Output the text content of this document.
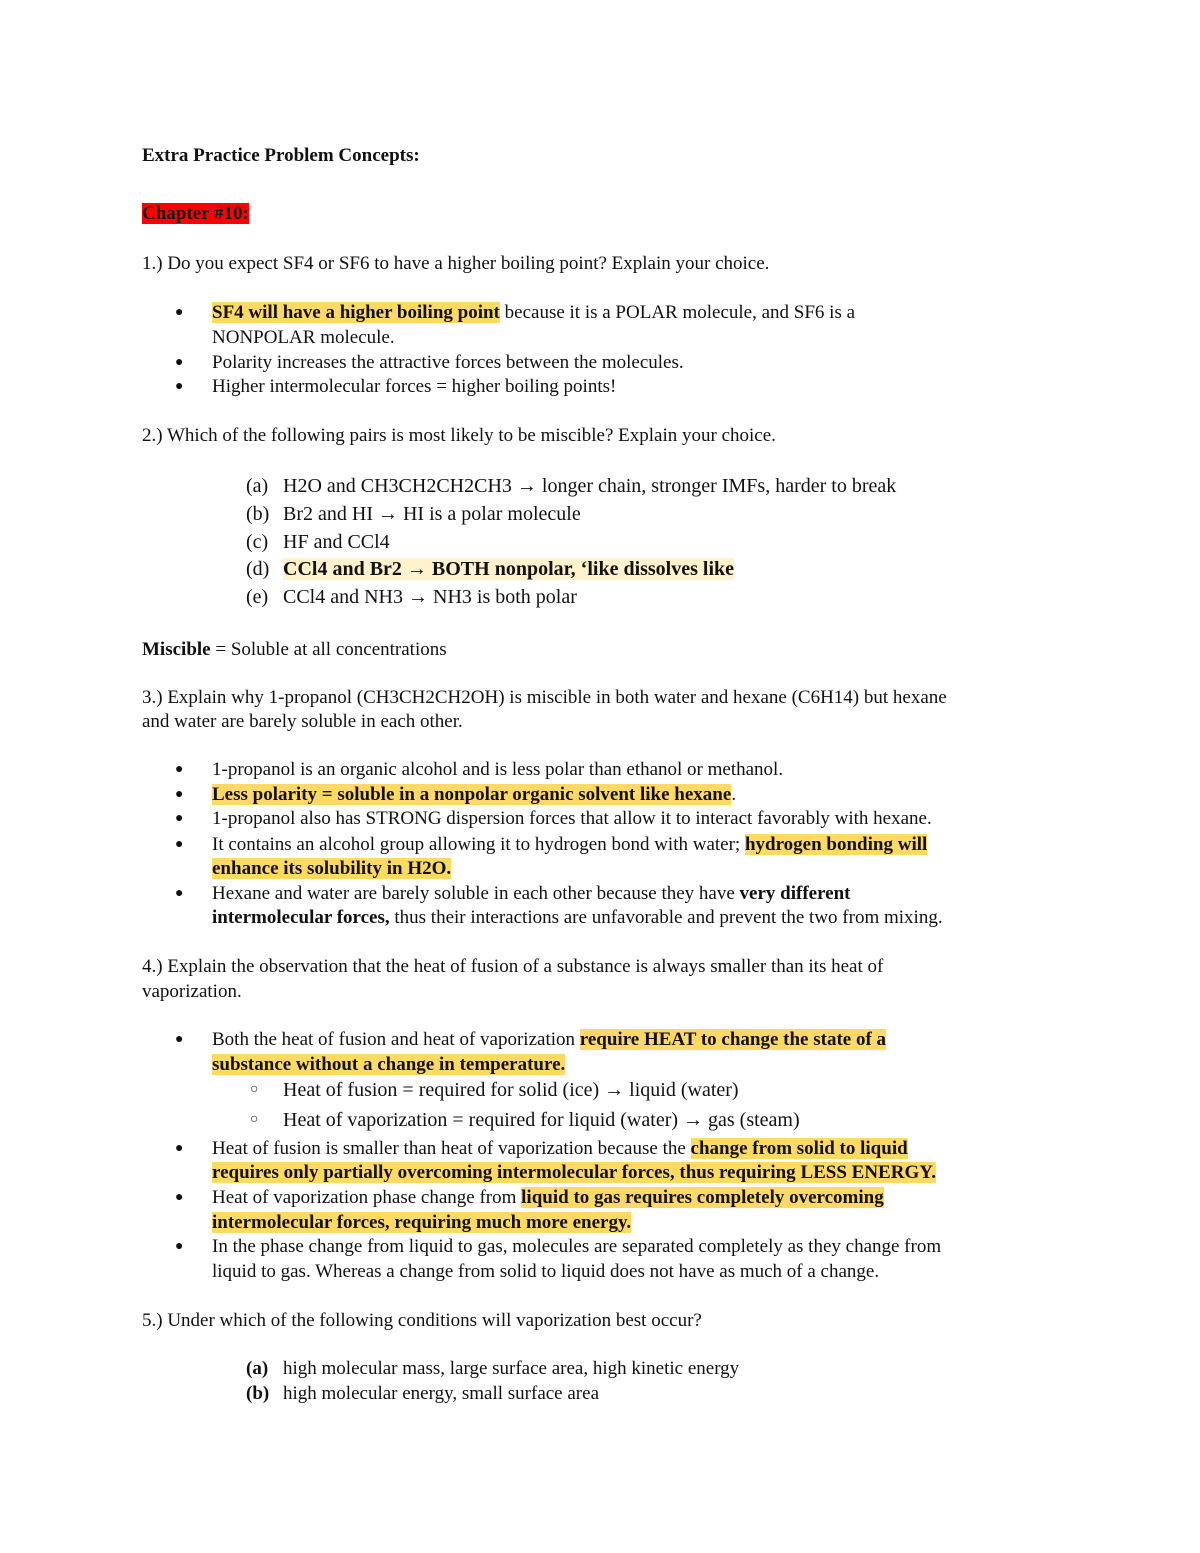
Extra Practice Problem Concepts:

Chapter #10:

1.) Do you expect SF4 or SF6 to have a higher boiling point? Explain your choice.

● SF4 will have a higher boiling point because it is a POLAR molecule, and SF6 is a
NONPOLAR molecule.
● Polarity increases the attractive forces between the molecules.
● Higher intermolecular forces = higher boiling points!

2.) Which of the following pairs is most likely to be miscible? Explain your choice.

(a) H2O and CH3CH2CH2CH3 → longer chain, stronger IMFs, harder to break
(b) Br2 and HI → HI is a polar molecule
(c) HF and CCl4
(d) CCl4 and Br2 → BOTH nonpolar, ‘like dissolves like
(e) CCl4 and NH3 → NH3 is both polar

Miscible = Soluble at all concentrations

3.) Explain why 1-propanol (CH3CH2CH2OH) is miscible in both water and hexane (C6H14) but hexane

and water are barely soluble in each other.

● 1-propanol is an organic alcohol and is less polar than ethanol or methanol.
● Less polarity = soluble in a nonpolar organic solvent like hexane.
● 1-propanol also has STRONG dispersion forces that allow it to interact favorably with hexane.
● It contains an alcohol group allowing it to hydrogen bond with water; hydrogen bonding will
enhance its solubility in H2O.
● Hexane and water are barely soluble in each other because they have very different
intermolecular forces, thus their interactions are unfavorable and prevent the two from mixing.

4.) Explain the observation that the heat of fusion of a substance is always smaller than its heat of

vaporization.

● Both the heat of fusion and heat of vaporization require HEAT to change the state of a
substance without a change in temperature.
○ Heat of fusion = required for solid (ice) → liquid (water)
○ Heat of vaporization = required for liquid (water) → gas (steam)
● Heat of fusion is smaller than heat of vaporization because the change from solid to liquid
requires only partially overcoming intermolecular forces, thus requiring LESS ENERGY.
● Heat of vaporization phase change from liquid to gas requires completely overcoming
intermolecular forces, requiring much more energy.
● In the phase change from liquid to gas, molecules are separated completely as they change from
liquid to gas. Whereas a change from solid to liquid does not have as much of a change.

5.) Under which of the following conditions will vaporization best occur?

(a) high molecular mass, large surface area, high kinetic energy
(b) high molecular energy, small surface area
